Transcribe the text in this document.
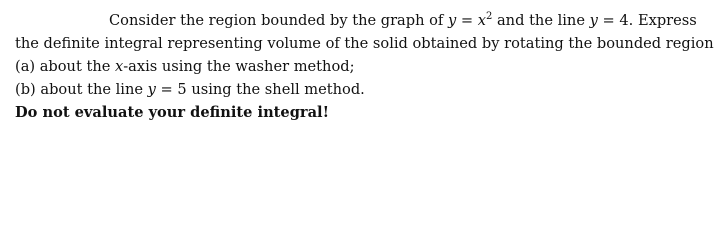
Consider the region bounded by the graph of $y = x^2$ and the line y = 4. Express
the definite integral representing volume of the solid obtained by rotating the bounded region
(a) about the x-axis using the washer method;
(b) about the line y = 5 using the shell method.
Do not evaluate your definite integral!
